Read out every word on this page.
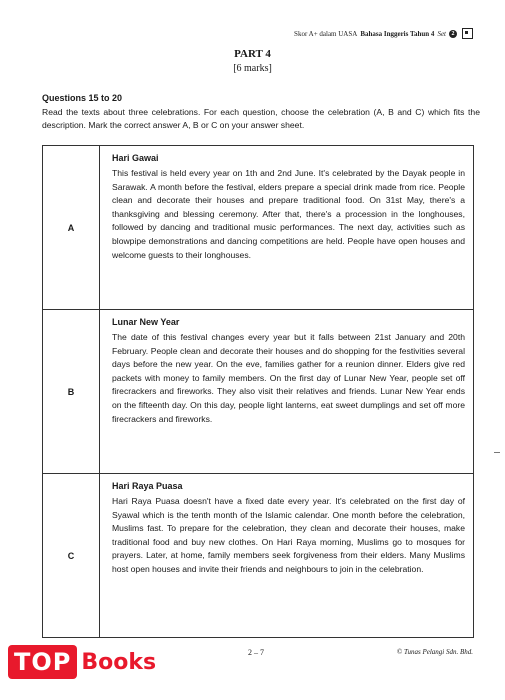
Skor A+ dalam UASA Bahasa Inggeris Tahun 4 Set 2
PART 4
[6 marks]
Questions 15 to 20
Read the texts about three celebrations. For each question, choose the celebration (A, B and C) which fits the description. Mark the correct answer A, B or C on your answer sheet.
A
Hari Gawai
This festival is held every year on 1th and 2nd June. It's celebrated by the Dayak people in Sarawak. A month before the festival, elders prepare a special drink made from rice. People clean and decorate their houses and prepare traditional food. On 31st May, there's a thanksgiving and blessing ceremony. After that, there's a procession in the longhouses, followed by dancing and traditional music performances. The next day, activities such as blowpipe demonstrations and dancing competitions are held. People have open houses and welcome guests to their longhouses.
B
Lunar New Year
The date of this festival changes every year but it falls between 21st January and 20th February. People clean and decorate their houses and do shopping for the festivities several days before the new year. On the eve, families gather for a reunion dinner. Elders give red packets with money to family members. On the first day of Lunar New Year, people set off firecrackers and fireworks. They also visit their relatives and friends. Lunar New Year ends on the fifteenth day. On this day, people light lanterns, eat sweet dumplings and set off more firecrackers and fireworks.
C
Hari Raya Puasa
Hari Raya Puasa doesn't have a fixed date every year. It's celebrated on the first day of Syawal which is the tenth month of the Islamic calendar. One month before the celebration, Muslims fast. To prepare for the celebration, they clean and decorate their houses, make traditional food and buy new clothes. On Hari Raya morning, Muslims go to mosques for prayers. Later, at home, family members seek forgiveness from their elders. Many Muslims host open houses and invite their friends and neighbours to join in the celebration.
TOP Books	2 – 7	© Tunas Pelangi Sdn. Bhd.
